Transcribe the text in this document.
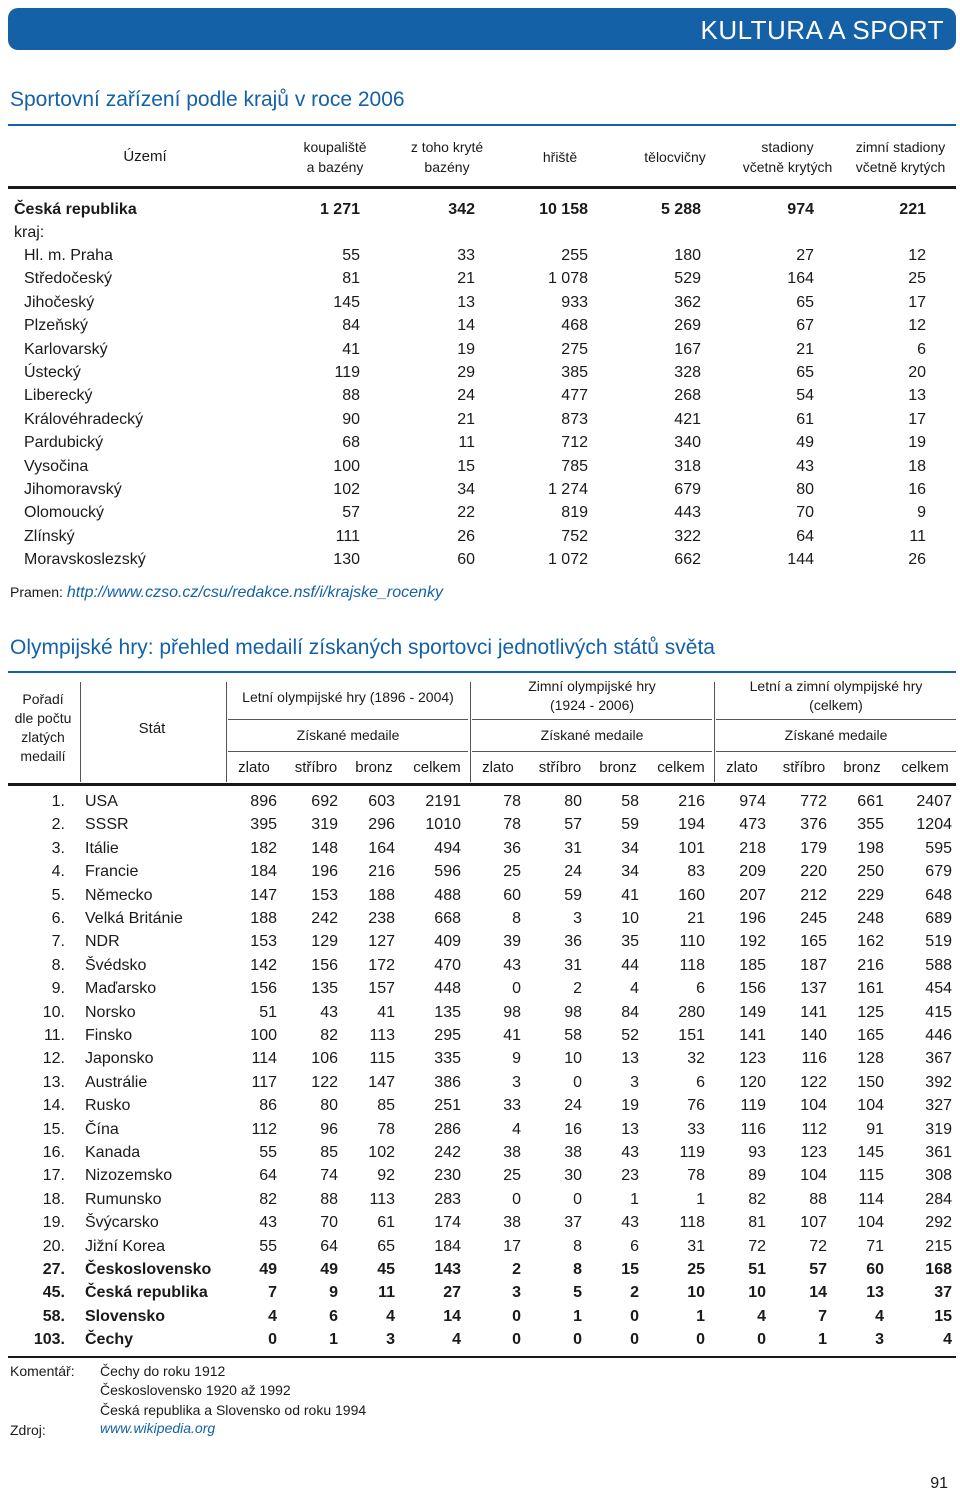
KULTURA A SPORT
Sportovní zařízení podle krajů v roce 2006
Území
koupaliště
a bazény
z toho kryté
bazény
hřiště	tělocvičny
stadiony
včetně krytých
zimní stadiony
včetně krytých
Česká republika	1 271	342	10 158	5 288	974	221
kraj:
Hl. m. Praha	55	33	255	180	27	12
Středočeský	81	21	1 078	529	164	25
Jihočeský	145	13	933	362	65	17
Plzeňský	84	14	468	269	67	12
Karlovarský	41	19	275	167	21	6
Ústecký	119	29	385	328	65	20
Liberecký	88	24	477	268	54	13
Královéhradecký	90	21	873	421	61	17
Pardubický	68	11	712	340	49	19
Vysočina	100	15	785	318	43	18
Jihomoravský	102	34	1 274	679	80	16
Olomoucký	57	22	819	443	70	9
Zlínský	111	26	752	322	64	11
Moravskoslezský	130	60	1 072	662	144	26
Pramen: http://www.czso.cz/csu/redakce.nsf/i/krajske_rocenky
Olympijské hry: přehled medailí získaných sportovci jednotlivých států světa
Pořadí
dle počtu
zlatých
medailí
Stát
Letní olympijské hry (1896 - 2004)
Zimní olympijské hry
(1924 - 2006)
Letní a zimní olympijské hry
(celkem)
Získané medaile	Získané medaile	Získané medaile
zlato	stříbro	bronz	celkem	zlato	stříbro	bronz	celkem	zlato	stříbro	bronz	celkem
1. USA	896 692 603 2191	78	80 58 216 974 772 661 2407
2. SSSR	395 319 296 1010	78	57 59 194 473 376 355 1204
3. Itálie	182 148 164 494	36	31 34 101 218 179 198	595
4. Francie	184 196 216 596	25	24 34	83 209 220 250	679
5. Německo	147 153 188 488	60	59 41 160 207 212 229	648
6. Velká Británie	188 242 238 668	8	3 10	21 196 245 248	689
7. NDR	153 129 127 409	39	36 35	110 192 165 162	519
8. Švédsko	142 156 172 470	43	31 44	118 185 187 216	588
9. Maďarsko	156 135 157 448	0	2	4	6 156 137 161	454
10. Norsko	51	43 41 135	98	98 84 280 149 141 125	415
11. Finsko	100	82 113 295	41	58 52 151 141 140 165	446
12. Japonsko	114 106 115 335	9	10 13	32 123 116 128	367
13. Austrálie	117 122 147 386	3	0	3	6 120 122 150	392
14. Rusko	86	80 85 251	33	24 19	76 119 104 104	327
15. Čína	112	96 78 286	4	16 13	33 116 112 91	319
16. Kanada	55	85 102 242	38	38 43	119	93 123 145	361
17. Nizozemsko	64	74 92 230	25	30 23	78	89 104 115	308
18. Rumunsko	82	88 113 283	0	0	1	1	82	88 114	284
19. Švýcarsko	43	70 61 174	38	37 43	118	81 107 104	292
20. Jižní Korea	55	64 65 184	17	8	6	31	72	72 71	215
27. Československo	49	49 45 143	2	8 15	25	51	57 60	168
45. Česká republika	7	9	11	27	3	5	2	10	10	14 13	37
58. Slovensko	4	6	4	14	0	1	0	1	4	7	4	15
103. Čechy	0	1	3	4	0	0	0	0	0	1	3	4
Komentář: Čechy do roku 1912
Československo 1920 až 1992
Česká republika a Slovensko od roku 1994
Zdroj:	www.wikipedia.org
91
